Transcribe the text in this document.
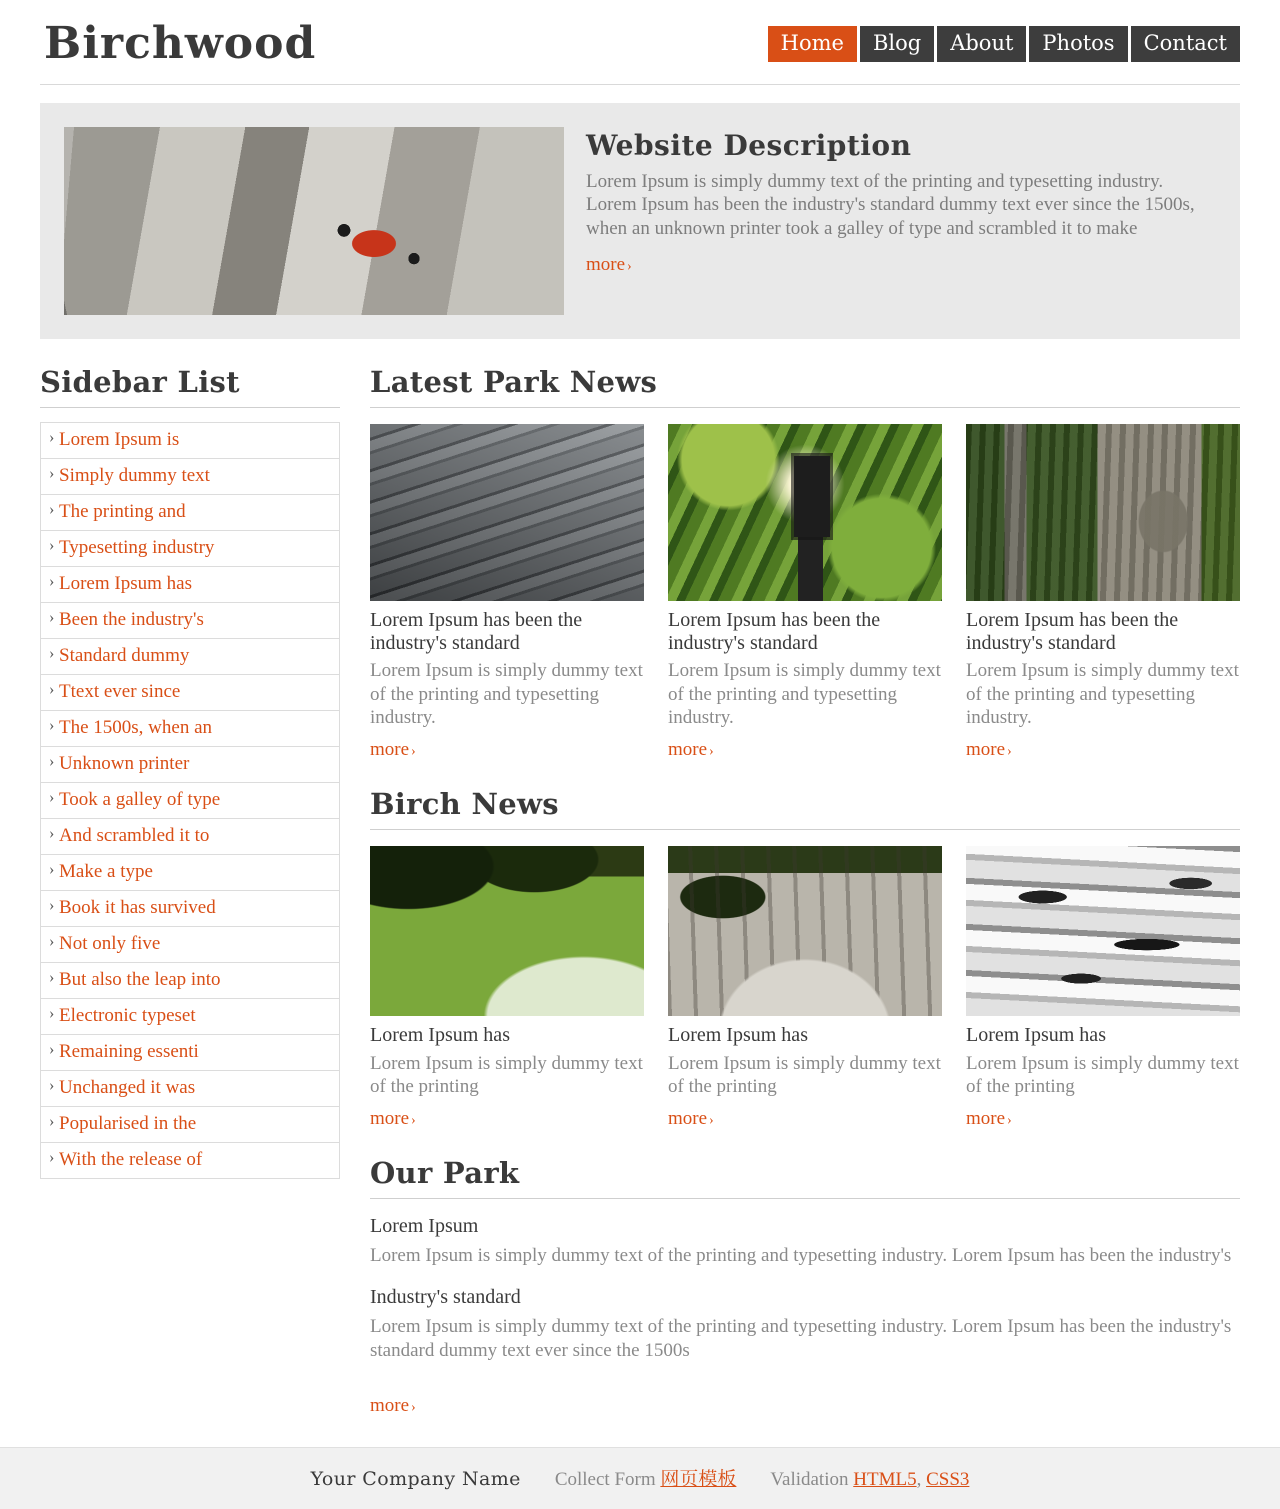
Birchwood	Home	Blog	About	Photos	Contact
Website Description

Lorem Ipsum is simply dummy text of the printing and typesetting industry. Lorem Ipsum has been the industry's standard dummy text ever since the 1500s, when an unknown printer took a galley of type and scrambled it to make

more ›
Sidebar List
› Lorem Ipsum is
› Simply dummy text
› The printing and
› Typesetting industry
› Lorem Ipsum has
› Been the industry's
› Standard dummy
› Ttext ever since
› The 1500s, when an
› Unknown printer
› Took a galley of type
› And scrambled it to
› Make a type
› Book it has survived
› Not only five
› But also the leap into
› Electronic typeset
› Remaining essenti
› Unchanged it was
› Popularised in the
› With the release of
Latest Park News
Lorem Ipsum has been the industry's standard

Lorem Ipsum is simply dummy text of the printing and typesetting industry.

more ›
Lorem Ipsum has been the industry's standard

Lorem Ipsum is simply dummy text of the printing and typesetting industry.

more ›
Lorem Ipsum has been the industry's standard

Lorem Ipsum is simply dummy text of the printing and typesetting industry.

more ›
Birch News
Lorem Ipsum has

Lorem Ipsum is simply dummy text of the printing

more ›
Lorem Ipsum has

Lorem Ipsum is simply dummy text of the printing

more ›
Lorem Ipsum has

Lorem Ipsum is simply dummy text of the printing

more ›
Our Park
Lorem Ipsum

Lorem Ipsum is simply dummy text of the printing and typesetting industry. Lorem Ipsum has been the industry's

Industry's standard

Lorem Ipsum is simply dummy text of the printing and typesetting industry. Lorem Ipsum has been the industry's standard dummy text ever since the 1500s

more ›
Your Company Name Collect Form 网页模板 Validation HTML5, CSS3
